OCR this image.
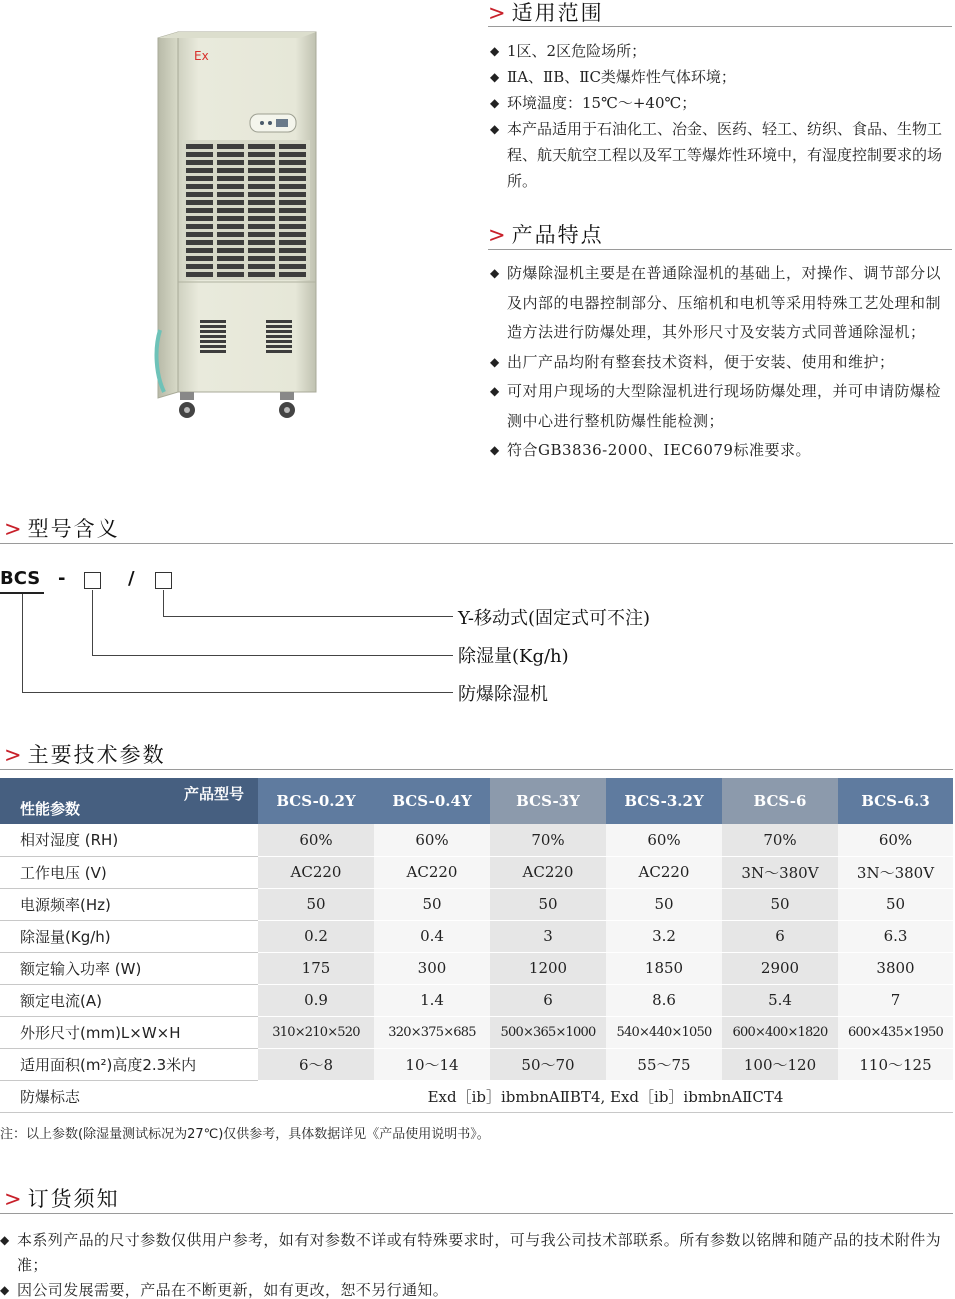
> 适用范围
◆ 1区、2区危险场所；
◆ ⅡA、ⅡB、ⅡC类爆炸性气体环境；
◆ 环境温度：15℃～+40℃；
◆ 本产品适用于石油化工、冶金、医药、轻工、纺织、食品、生物工程、航天航空工程以及军工等爆炸性环境中，有湿度控制要求的场所。
> 产品特点
◆ 防爆除湿机主要是在普通除湿机的基础上，对操作、调节部分以及内部的电器控制部分、压缩机和电机等采用特殊工艺处理和制造方法进行防爆处理，其外形尺寸及安装方式同普通除湿机；
◆ 出厂产品均附有整套技术资料，便于安装、使用和维护；
◆ 可对用户现场的大型除湿机进行现场防爆处理，并可申请防爆检测中心进行整机防爆性能检测；
◆ 符合GB3836-2000、IEC6079标准要求。
Ex
> 型号含义
BCS -	/
Y-移动式(固定式可不注)
除湿量(Kg/h)
防爆除湿机
> 主要技术参数
产品型号
性能参数	BCS-0.2Y	BCS-0.4Y	BCS-3Y	BCS-3.2Y	BCS-6	BCS-6.3
相对湿度 (RH)	60%	60%	70%	60%	70%	60%
工作电压 (V)	AC220	AC220	AC220	AC220	3N～380V	3N～380V
电源频率(Hz)	50	50	50	50	50	50
除湿量(Kg/h)	0.2	0.4	3	3.2	6	6.3
额定输入功率 (W)	175	300	1200	1850	2900	3800
额定电流(A)	0.9	1.4	6	8.6	5.4	7
外形尺寸(mm)L×W×H	310×210×520	320×375×685	500×365×1000	540×440×1050	600×400×1820	600×435×1950
适用面积(m²)高度2.3米内	6～8	10～14	50～70	55～75	100～120	110～125
防爆标志	Exd［ib］ibmbnAⅡBT4, Exd［ib］ibmbnAⅡCT4					
注：以上参数(除湿量测试标况为27℃)仅供参考，具体数据详见《产品使用说明书》。
> 订货须知
◆ 本系列产品的尺寸参数仅供用户参考，如有对参数不详或有特殊要求时，可与我公司技术部联系。所有参数以铭牌和随产品的技术附件为准；
◆ 因公司发展需要，产品在不断更新，如有更改，恕不另行通知。
